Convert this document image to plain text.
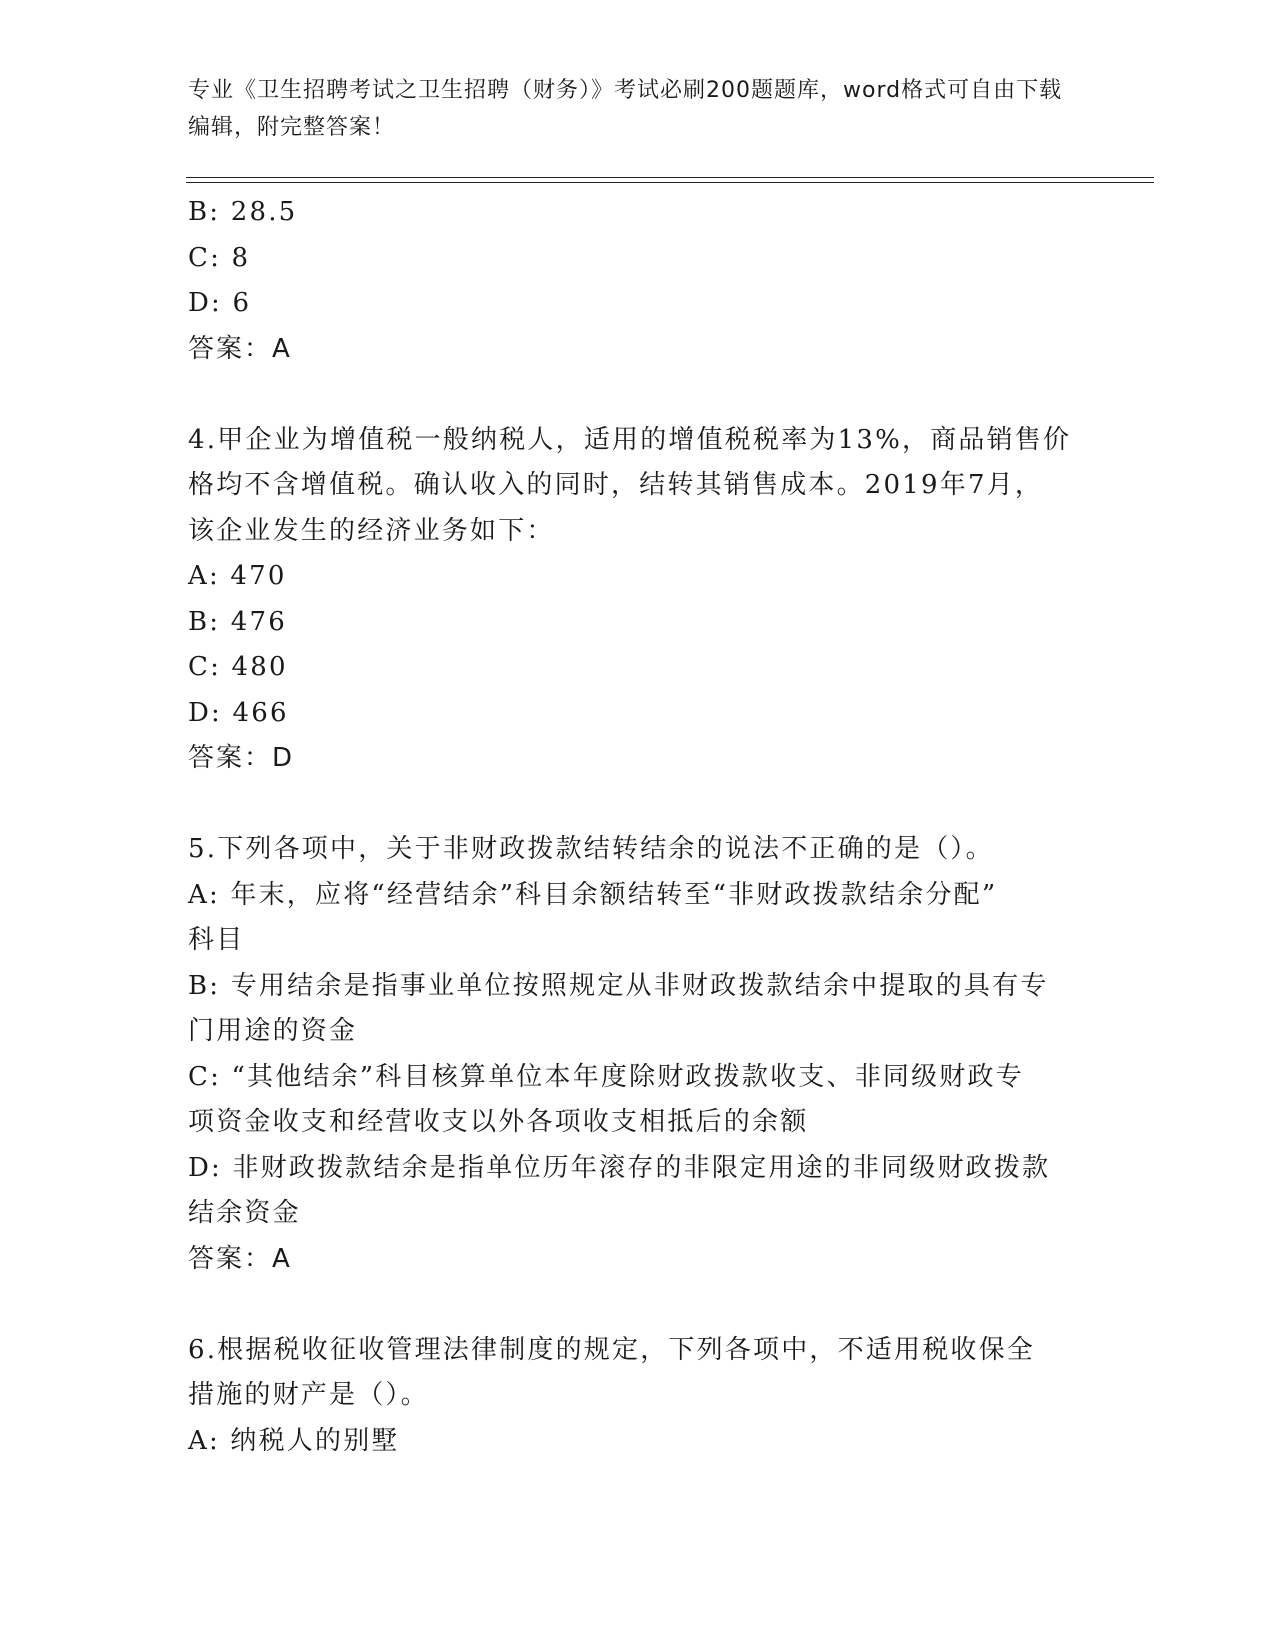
专业《卫生招聘考试之卫生招聘（财务）》考试必刷200题题库，word格式可自由下载编辑，附完整答案！
B: 28.5
C: 8
D: 6
答案：A
4.甲企业为增值税一般纳税人，适用的增值税税率为13%，商品销售价
格均不含增值税。确认收入的同时，结转其销售成本。2019年7月，
该企业发生的经济业务如下：
A: 470
B: 476
C: 480
D: 466
答案：D
5.下列各项中，关于非财政拨款结转结余的说法不正确的是（）。
A: 年末，应将“经营结余”科目余额结转至“非财政拨款结余分配”
科目
B: 专用结余是指事业单位按照规定从非财政拨款结余中提取的具有专
门用途的资金
C: “其他结余”科目核算单位本年度除财政拨款收支、非同级财政专
项资金收支和经营收支以外各项收支相抵后的余额
D: 非财政拨款结余是指单位历年滚存的非限定用途的非同级财政拨款
结余资金
答案：A
6.根据税收征收管理法律制度的规定，下列各项中，不适用税收保全
措施的财产是（）。
A: 纳税人的别墅
